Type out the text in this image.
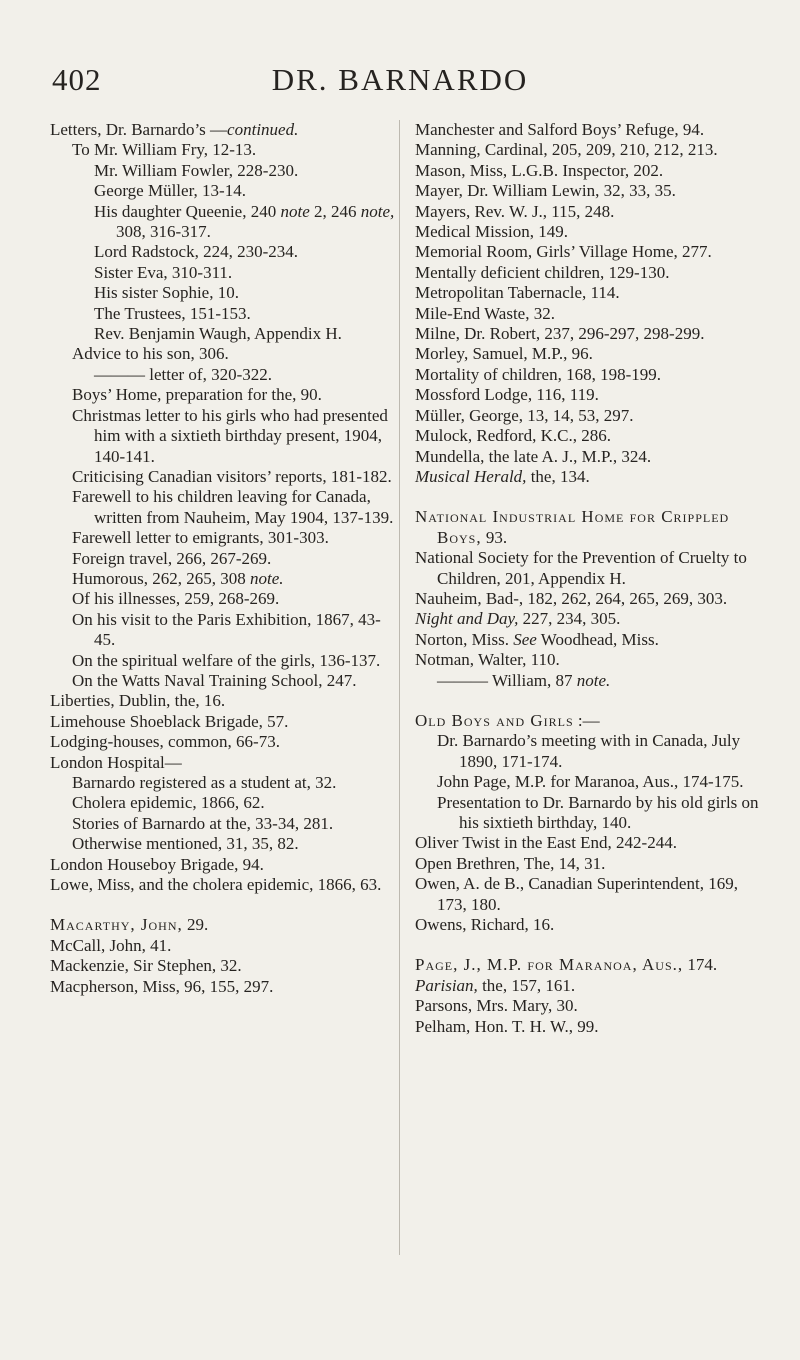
DR. BARNARDO
402
Letters, Dr. Barnardo’s —continued.
To Mr. William Fry, 12-13.
Mr. William Fowler, 228-230.
George Müller, 13-14.
His daughter Queenie, 240 note 2, 246 note, 308, 316-317.
Lord Radstock, 224, 230-234.
Sister Eva, 310-311.
His sister Sophie, 10.
The Trustees, 151-153.
Rev. Benjamin Waugh, Appendix H.
Advice to his son, 306.
——— letter of, 320-322.
Boys’ Home, preparation for the, 90.
Christmas letter to his girls who had presented him with a sixtieth birthday present, 1904, 140-141.
Criticising Canadian visitors’ reports, 181-182.
Farewell to his children leaving for Canada, written from Nauheim, May 1904, 137-139.
Farewell letter to emigrants, 301-303.
Foreign travel, 266, 267-269.
Humorous, 262, 265, 308 note.
Of his illnesses, 259, 268-269.
On his visit to the Paris Exhibition, 1867, 43-45.
On the spiritual welfare of the girls, 136-137.
On the Watts Naval Training School, 247.
Liberties, Dublin, the, 16.
Limehouse Shoeblack Brigade, 57.
Lodging-houses, common, 66-73.
London Hospital—
Barnardo registered as a student at, 32.
Cholera epidemic, 1866, 62.
Stories of Barnardo at the, 33-34, 281.
Otherwise mentioned, 31, 35, 82.
London Houseboy Brigade, 94.
Lowe, Miss, and the cholera epidemic, 1866, 63.
Macarthy, John, 29.
McCall, John, 41.
Mackenzie, Sir Stephen, 32.
Macpherson, Miss, 96, 155, 297.
Manchester and Salford Boys’ Refuge, 94.
Manning, Cardinal, 205, 209, 210, 212, 213.
Mason, Miss, L.G.B. Inspector, 202.
Mayer, Dr. William Lewin, 32, 33, 35.
Mayers, Rev. W. J., 115, 248.
Medical Mission, 149.
Memorial Room, Girls’ Village Home, 277.
Mentally deficient children, 129-130.
Metropolitan Tabernacle, 114.
Mile-End Waste, 32.
Milne, Dr. Robert, 237, 296-297, 298-299.
Morley, Samuel, M.P., 96.
Mortality of children, 168, 198-199.
Mossford Lodge, 116, 119.
Müller, George, 13, 14, 53, 297.
Mulock, Redford, K.C., 286.
Mundella, the late A. J., M.P., 324.
Musical Herald, the, 134.
National Industrial Home for Crippled Boys, 93.
National Society for the Prevention of Cruelty to Children, 201, Appendix H.
Nauheim, Bad-, 182, 262, 264, 265, 269, 303.
Night and Day, 227, 234, 305.
Norton, Miss. See Woodhead, Miss.
Notman, Walter, 110.
——— William, 87 note.
Old Boys and Girls :—
Dr. Barnardo’s meeting with in Canada, July 1890, 171-174.
John Page, M.P. for Maranoa, Aus., 174-175.
Presentation to Dr. Barnardo by his old girls on his sixtieth birthday, 140.
Oliver Twist in the East End, 242-244.
Open Brethren, The, 14, 31.
Owen, A. de B., Canadian Superintendent, 169, 173, 180.
Owens, Richard, 16.
Page, J., M.P. for Maranoa, Aus., 174.
Parisian, the, 157, 161.
Parsons, Mrs. Mary, 30.
Pelham, Hon. T. H. W., 99.
